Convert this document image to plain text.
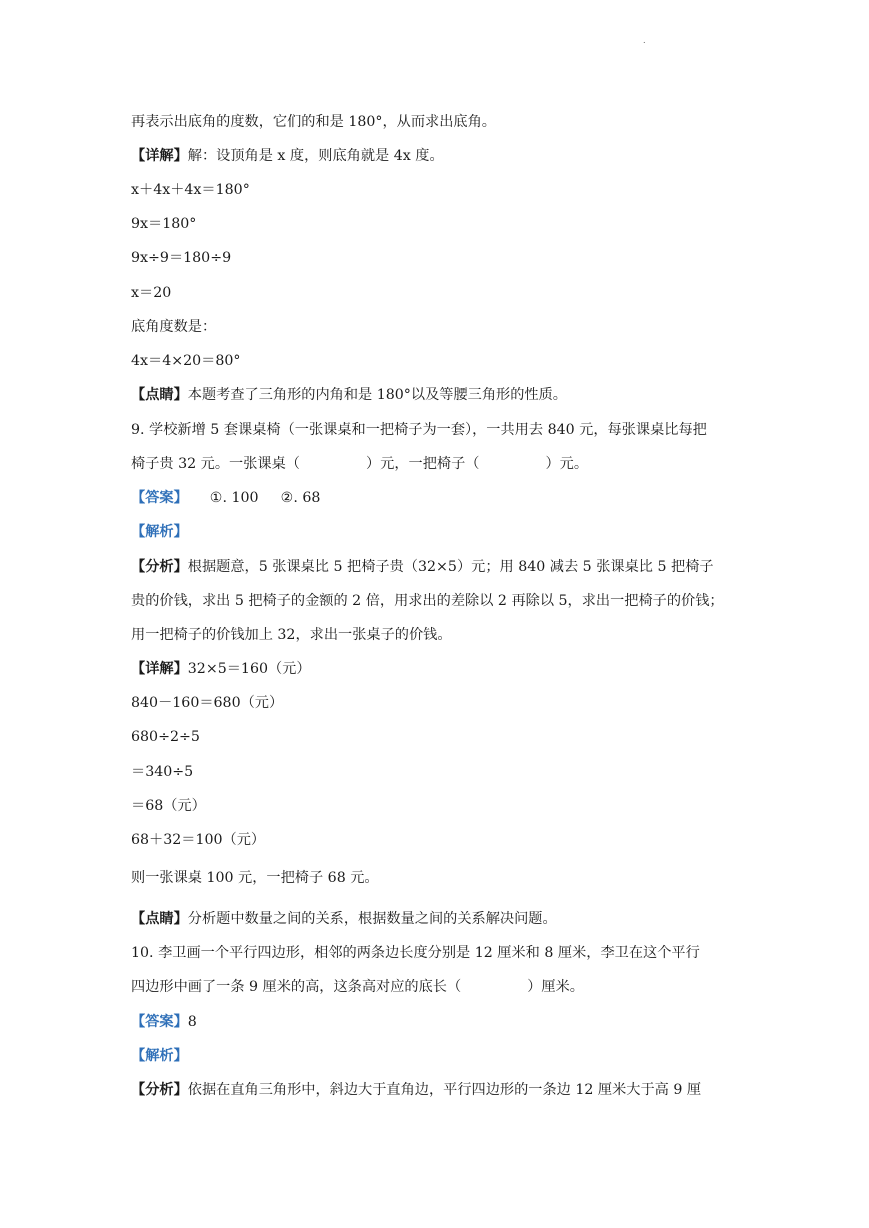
.
再表示出底角的度数，它们的和是 180°，从而求出底角。
【详解】解：设顶角是 x 度，则底角就是 4x 度。
x＋4x＋4x＝180°
9x＝180°
9x÷9＝180÷9
x＝20
底角度数是：
4x＝4×20＝80°
【点睛】本题考查了三角形的内角和是 180°以及等腰三角形的性质。
9. 学校新增 5 套课桌椅（一张课桌和一把椅子为一套），一共用去 840 元，每张课桌比每把
椅子贵 32 元。一张课桌（	）元，一把椅子（	）元。
【答案】 ①. 100 ②. 68
【解析】
【分析】根据题意，5 张课桌比 5 把椅子贵（32×5）元；用 840 减去 5 张课桌比 5 把椅子
贵的价钱，求出 5 把椅子的金额的 2 倍，用求出的差除以 2 再除以 5，求出一把椅子的价钱；
用一把椅子的价钱加上 32，求出一张桌子的价钱。
【详解】32×5＝160（元）
840－160＝680（元）
680÷2÷5
＝340÷5
＝68（元）
68＋32＝100（元）
则一张课桌 100 元，一把椅子 68 元。
【点睛】分析题中数量之间的关系，根据数量之间的关系解决问题。
10. 李卫画一个平行四边形，相邻的两条边长度分别是 12 厘米和 8 厘米，李卫在这个平行
四边形中画了一条 9 厘米的高，这条高对应的底长（	）厘米。
【答案】8
【解析】
【分析】依据在直角三角形中，斜边大于直角边，平行四边形的一条边 12 厘米大于高 9 厘
